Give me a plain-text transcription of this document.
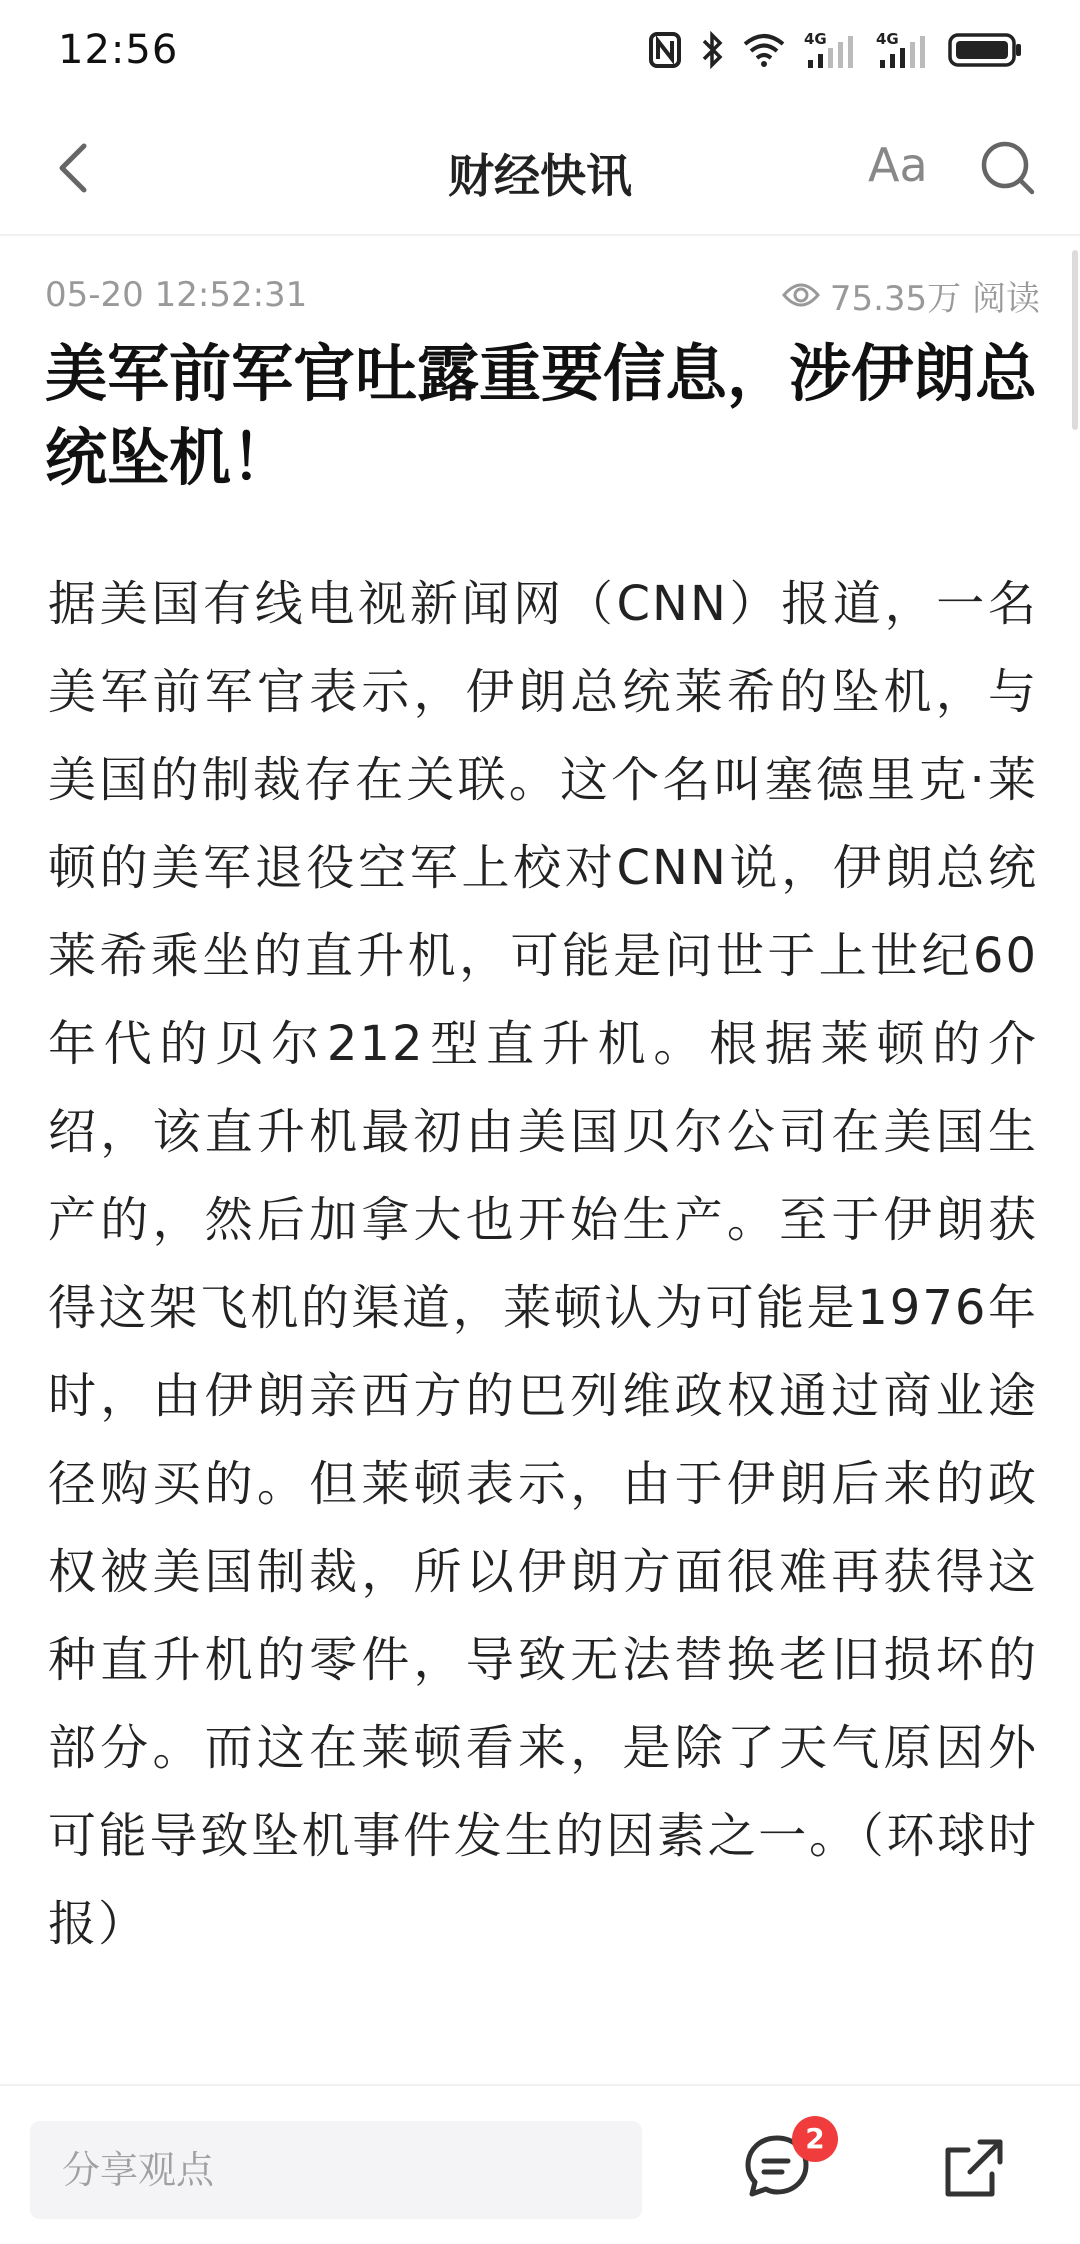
12:56	4G	4G
财经快讯	Aa
05-20 12:52:31	75.35万 阅读
美军前军官吐露重要信息，涉伊朗总统坠机！

据美国有线电视新闻网（CNN）报道，一名美军前军官表示，伊朗总统莱希的坠机，与美国的制裁存在关联。这个名叫塞德里克·莱顿的美军退役空军上校对CNN说，伊朗总统莱希乘坐的直升机，可能是问世于上世纪60年代的贝尔212型直升机。根据莱顿的介绍，该直升机最初由美国贝尔公司在美国生产的，然后加拿大也开始生产。至于伊朗获得这架飞机的渠道，莱顿认为可能是1976年时，由伊朗亲西方的巴列维政权通过商业途径购买的。但莱顿表示，由于伊朗后来的政权被美国制裁，所以伊朗方面很难再获得这种直升机的零件，导致无法替换老旧损坏的部分。而这在莱顿看来，是除了天气原因外可能导致坠机事件发生的因素之一。（环球时报）

分享观点
2
